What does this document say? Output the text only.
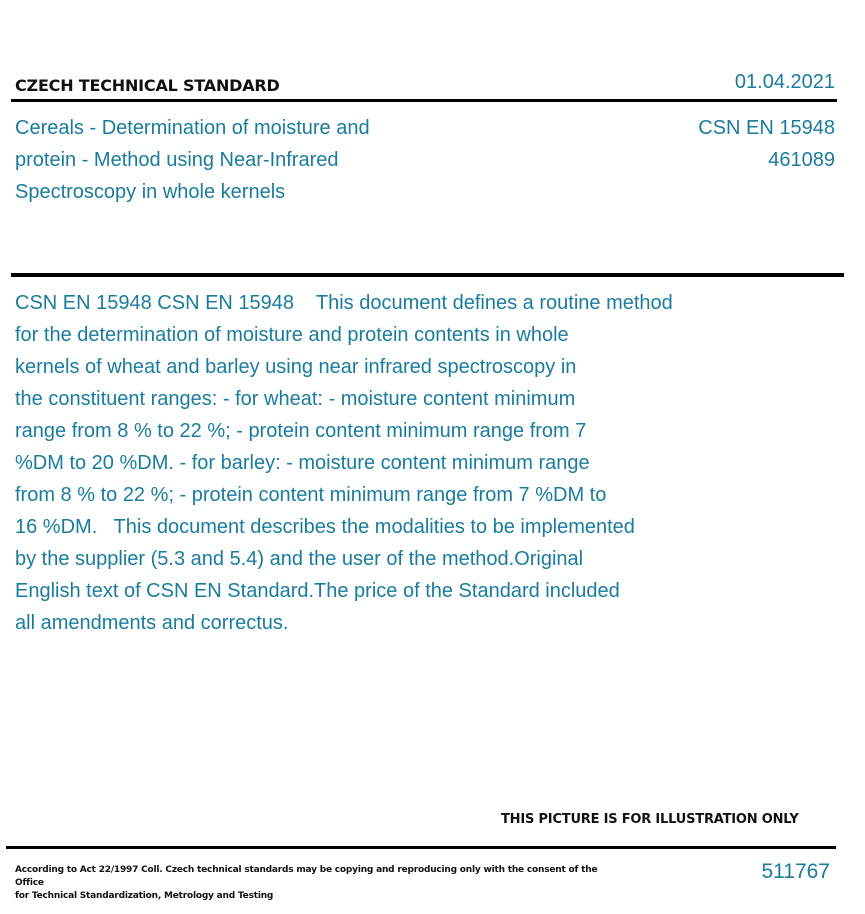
CZECH TECHNICAL STANDARD	01.04.2021
Cereals - Determination of moisture and
protein - Method using Near-Infrared
Spectroscopy in whole kernels
CSN EN 15948
461089
CSN EN 15948 CSN EN 15948    This document defines a routine method
for the determination of moisture and protein contents in whole
kernels of wheat and barley using near infrared spectroscopy in
the constituent ranges: - for wheat: - moisture content minimum
range from 8 % to 22 %; - protein content minimum range from 7
%DM to 20 %DM. - for barley: - moisture content minimum range
from 8 % to 22 %; - protein content minimum range from 7 %DM to
16 %DM.   This document describes the modalities to be implemented
by the supplier (5.3 and 5.4) and the user of the method.Original
English text of CSN EN Standard.The price of the Standard included
all amendments and correctus.
THIS PICTURE IS FOR ILLUSTRATION ONLY
According to Act 22/1997 Coll. Czech technical standards may be copying and reproducing only with the consent of the Office
for Technical Standardization, Metrology and Testing
511767
